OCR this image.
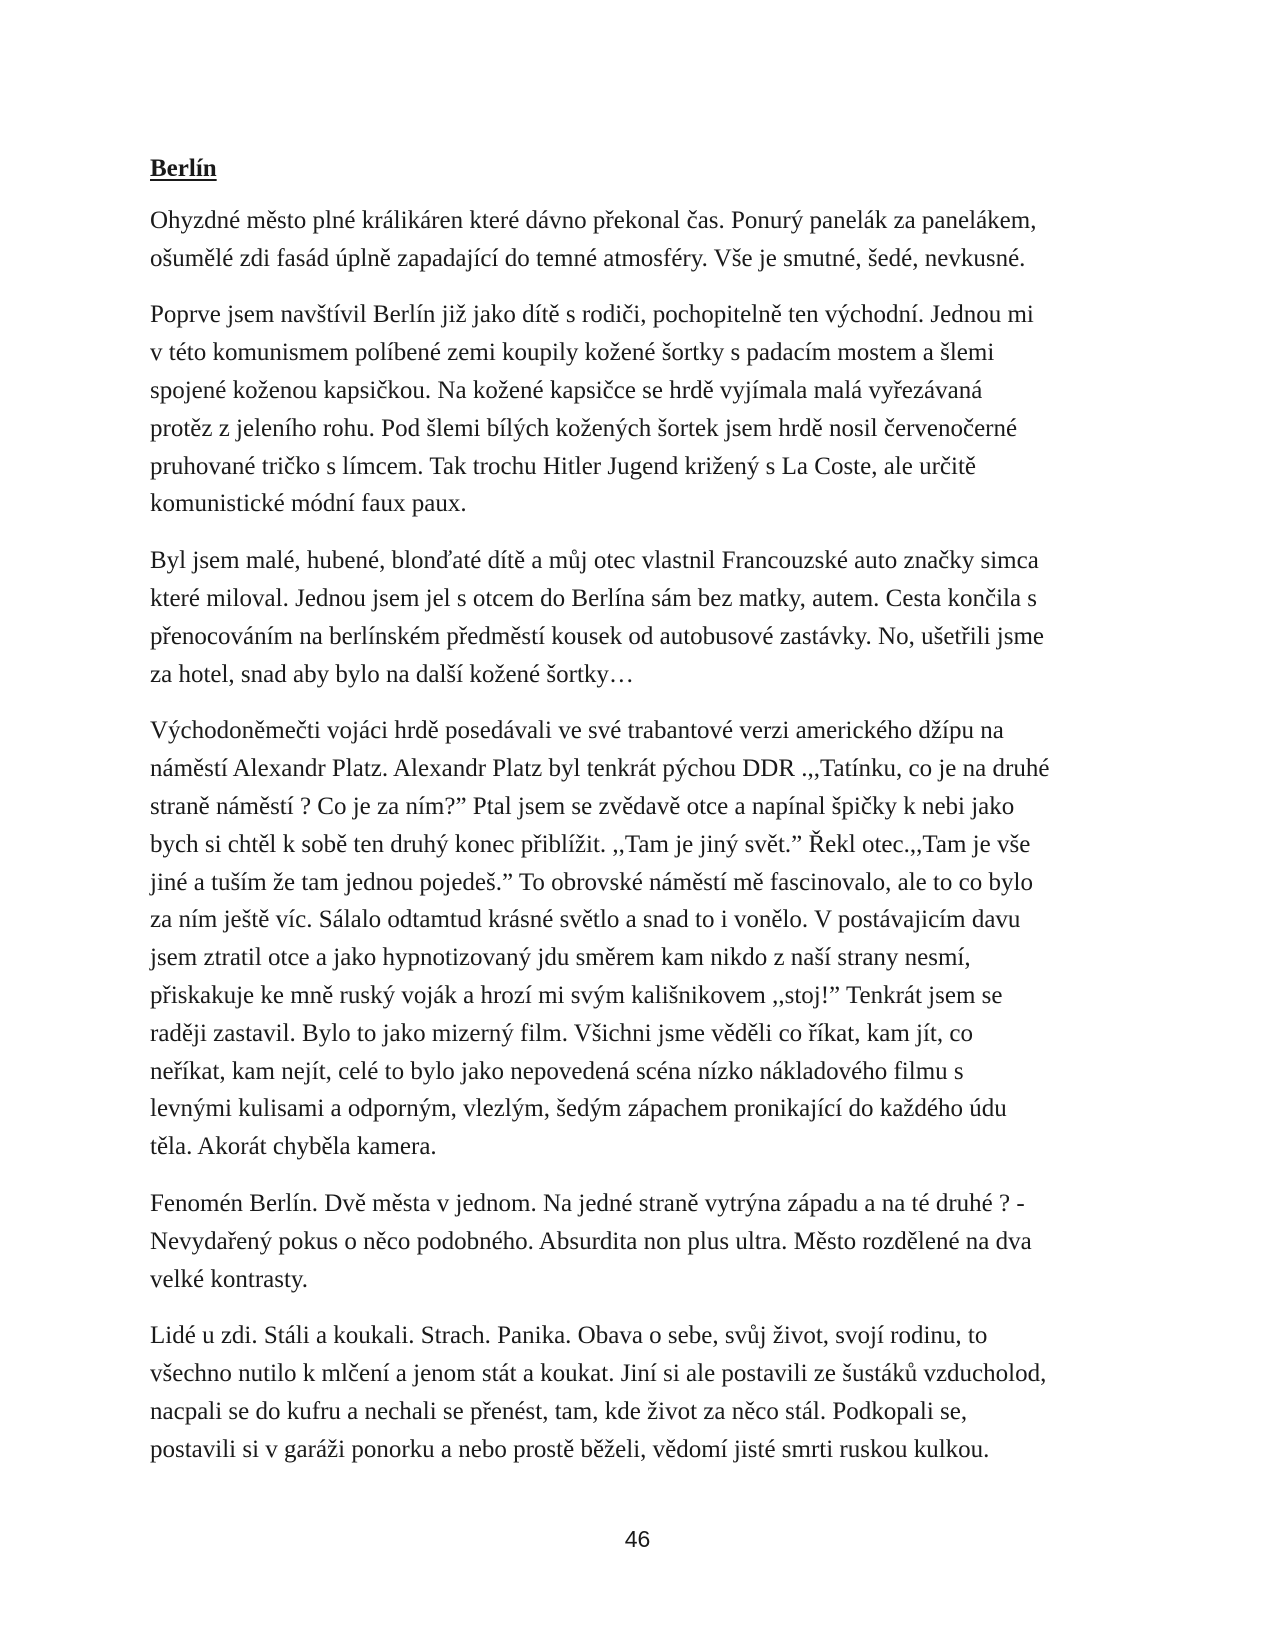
Berlín

Ohyzdné město plné králikáren které dávno překonal čas. Ponurý panelák za panelákem,
ošumělé zdi fasád úplně zapadající do temné atmosféry. Vše je smutné, šedé, nevkusné.

Poprve jsem navštívil Berlín již jako dítě s rodiči, pochopitelně ten východní. Jednou mi
v této komunismem políbené zemi koupily kožené šortky s padacím mostem a šlemi
spojené koženou kapsičkou. Na kožené kapsičce se hrdě vyjímala malá vyřezávaná
protěz z jeleního rohu. Pod šlemi bílých kožených šortek jsem hrdě nosil červenočerné
pruhované tričko s límcem. Tak trochu Hitler Jugend križený s La Coste, ale určitě
komunistické módní faux paux.

Byl jsem malé, hubené, blonďaté dítě a můj otec vlastnil Francouzské auto značky simca
které miloval. Jednou jsem jel s otcem do Berlína sám bez matky, autem. Cesta končila s
přenocováním na berlínském předměstí kousek od autobusové zastávky. No, ušetřili jsme
za hotel, snad aby bylo na další kožené šortky…

Východoněmečti vojáci hrdě posedávali ve své trabantové verzi amerického džípu na
náměstí Alexandr Platz. Alexandr Platz byl tenkrát pýchou DDR .,,Tatínku, co je na druhé
straně náměstí ? Co je za ním?” Ptal jsem se zvědavě otce a napínal špičky k nebi jako
bych si chtěl k sobě ten druhý konec přiblížit. ,,Tam je jiný svět.” Řekl otec.,,Tam je vše
jiné a tuším že tam jednou pojedeš.” To obrovské náměstí mě fascinovalo, ale to co bylo
za ním ještě víc. Sálalo odtamtud krásné světlo a snad to i vonělo. V postávajicím davu
jsem ztratil otce a jako hypnotizovaný jdu směrem kam nikdo z naší strany nesmí,
přiskakuje ke mně ruský voják a hrozí mi svým kališnikovem ,,stoj!” Tenkrát jsem se
raději zastavil. Bylo to jako mizerný film. Všichni jsme věděli co říkat, kam jít, co
neříkat, kam nejít, celé to bylo jako nepovedená scéna nízko nákladového filmu s
levnými kulisami a odporným, vlezlým, šedým zápachem pronikající do každého údu
těla. Akorát chyběla kamera.

Fenomén Berlín. Dvě města v jednom. Na jedné straně vytrýna západu a na té druhé ? -
Nevydařený pokus o něco podobného. Absurdita non plus ultra. Město rozdělené na dva
velké kontrasty.

Lidé u zdi. Stáli a koukali. Strach. Panika. Obava o sebe, svůj život, svojí rodinu, to
všechno nutilo k mlčení a jenom stát a koukat. Jiní si ale postavili ze šustáků vzducholod,
nacpali se do kufru a nechali se přenést, tam, kde život za něco stál. Podkopali se,
postavili si v garáži ponorku a nebo prostě běželi, vědomí jisté smrti ruskou kulkou.

46
